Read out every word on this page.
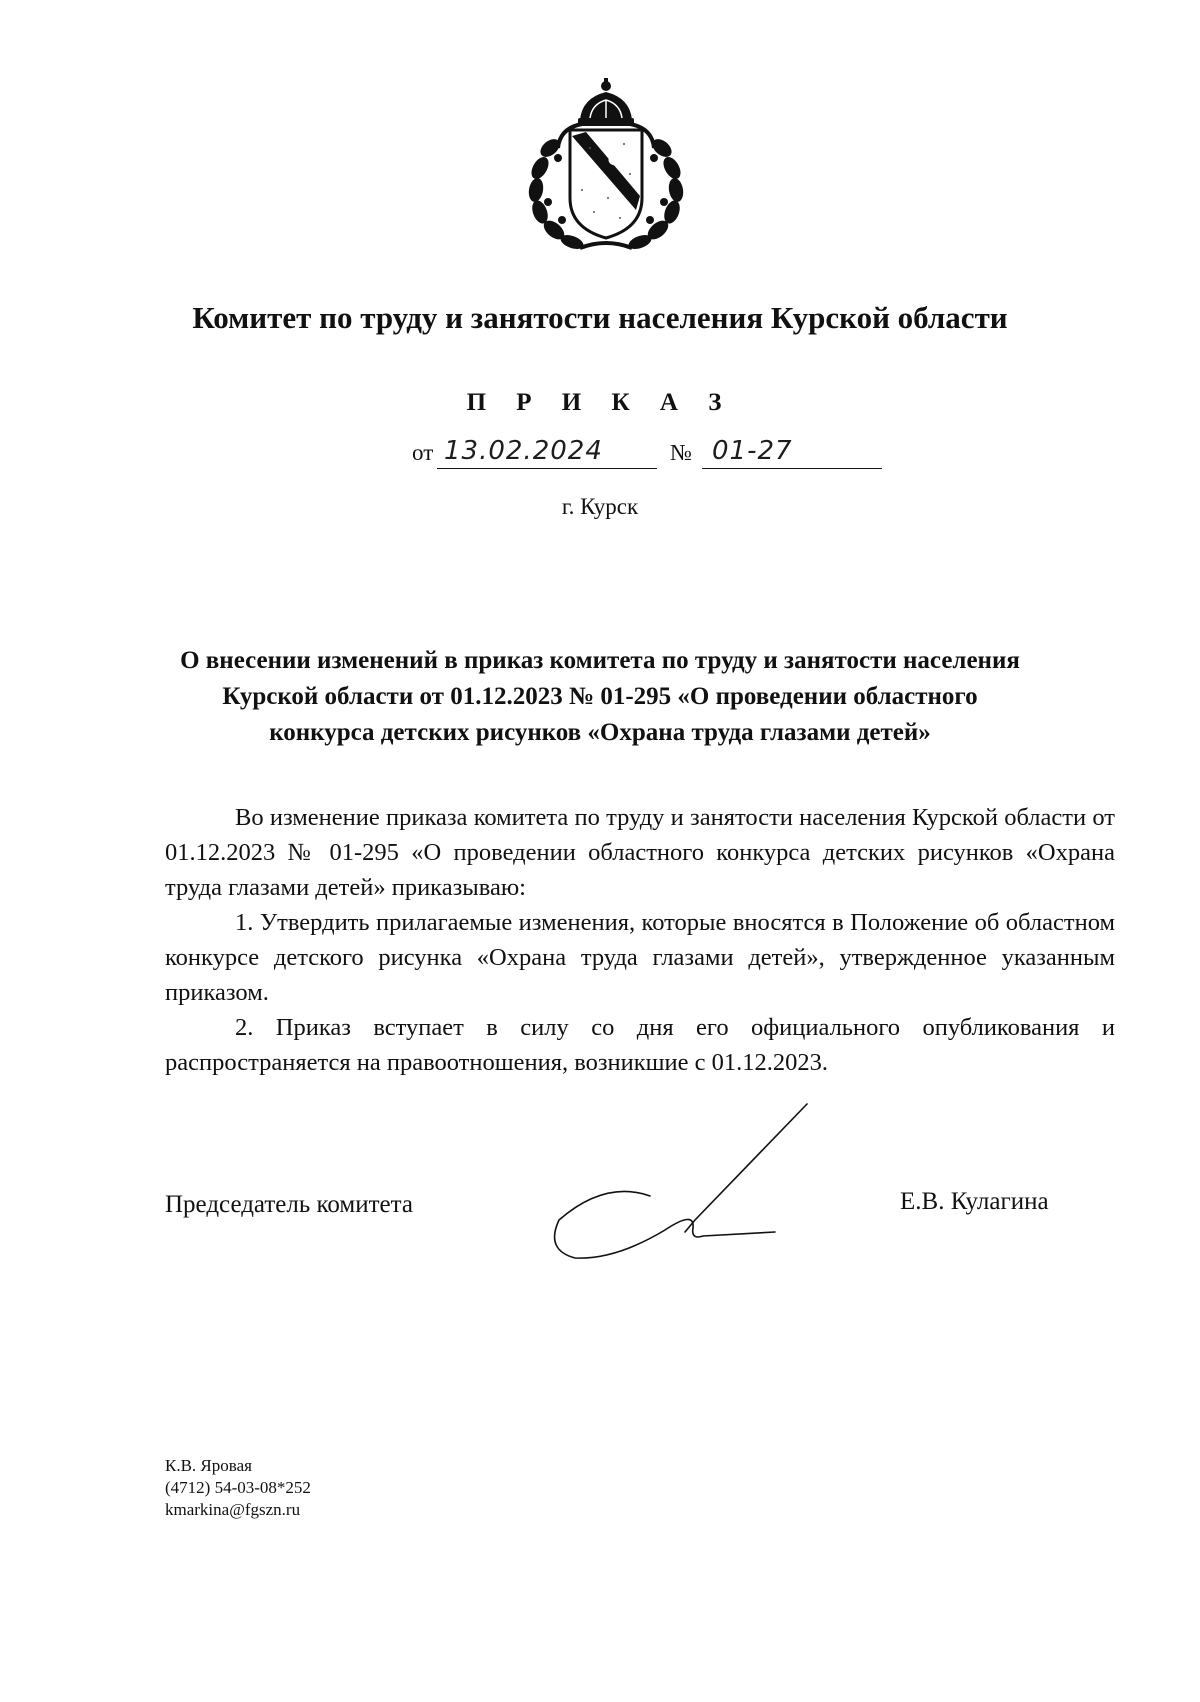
Комитет по труду и занятости населения Курской области
П Р И К А З
от 13.02.2024	№ 01-27
г. Курск
О внесении изменений в приказ комитета по труду и занятости населения Курской области от 01.12.2023 № 01-295 «О проведении областного конкурса детских рисунков «Охрана труда глазами детей»

Во изменение приказа комитета по труду и занятости населения Курской области от 01.12.2023 № 01-295 «О проведении областного конкурса детских рисунков «Охрана труда глазами детей» приказываю:

1. Утвердить прилагаемые изменения, которые вносятся в Положение об областном конкурсе детского рисунка «Охрана труда глазами детей», утвержденное указанным приказом.

2. Приказ вступает в силу со дня его официального опубликования и распространяется на правоотношения, возникшие с 01.12.2023.

Председатель комитета	Е.В. Кулагина
К.В. Яровая
(4712) 54-03-08*252
kmarkina@fgszn.ru
